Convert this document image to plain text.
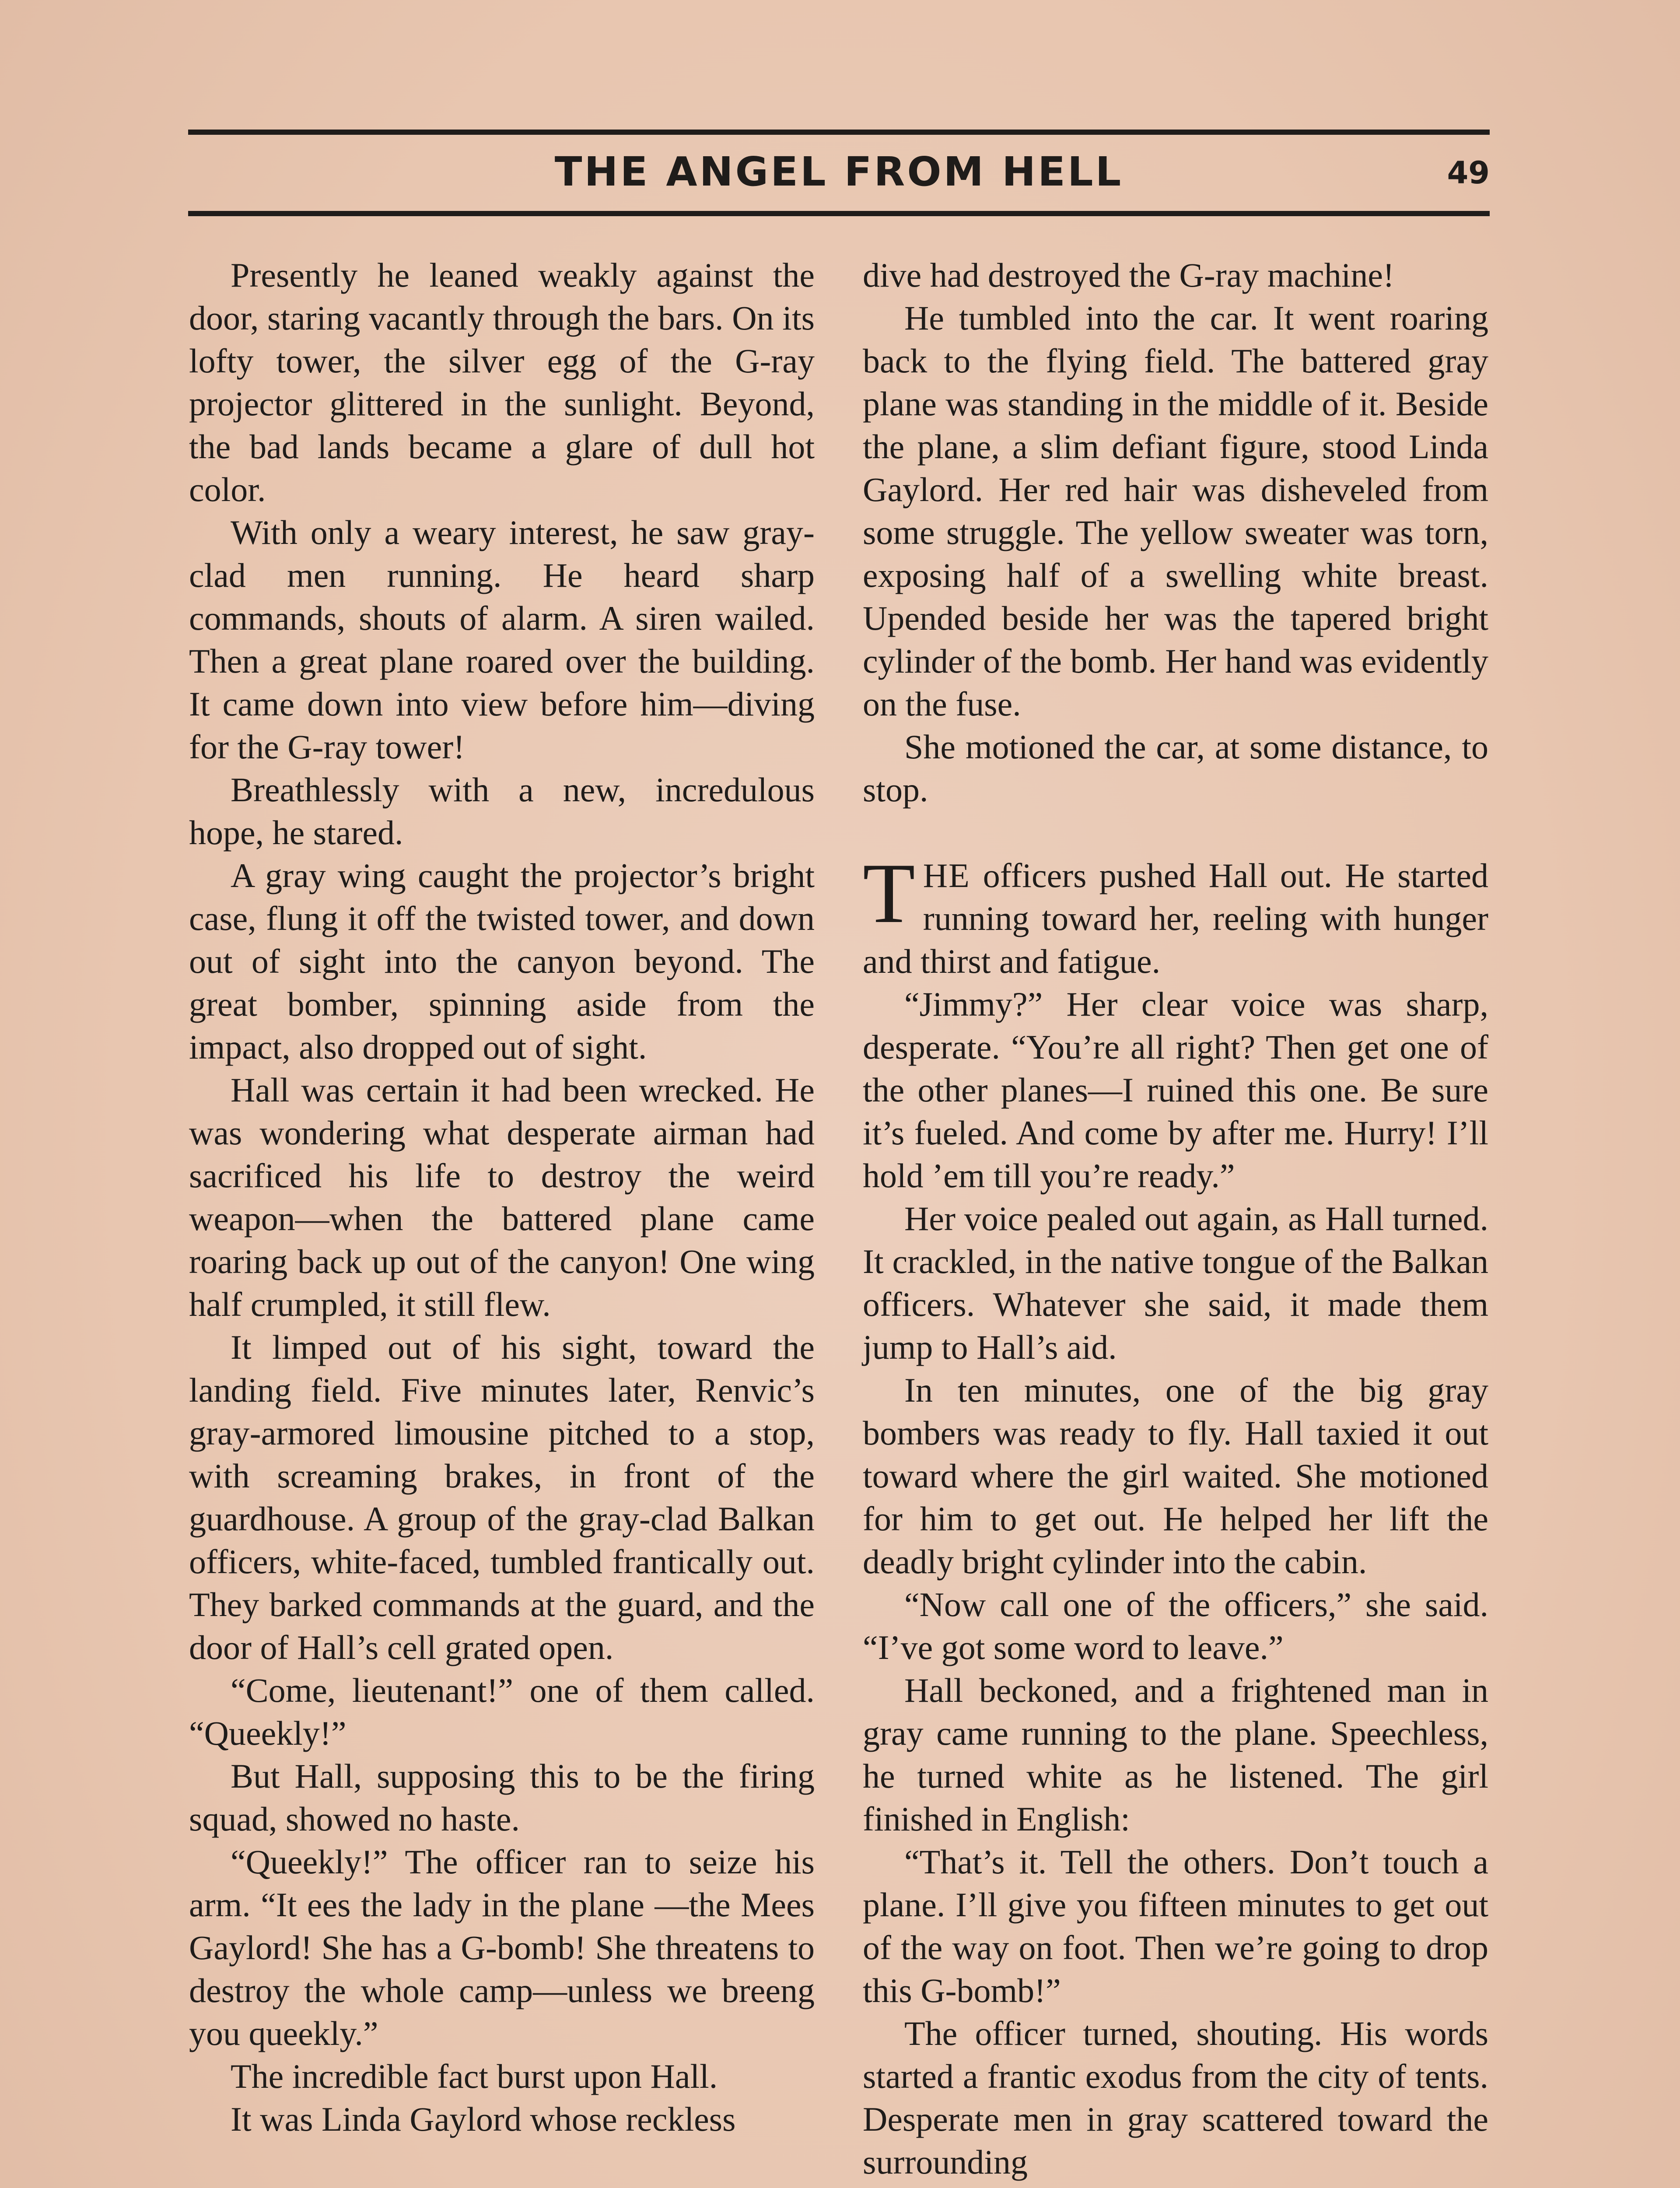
THE ANGEL FROM HELL	49

Presently he leaned weakly against the door, staring vacantly through the bars. On its lofty tower, the silver egg of the G-ray projector glittered in the sunlight. Beyond, the bad lands became a glare of dull hot color.

With only a weary interest, he saw gray-clad men running. He heard sharp commands, shouts of alarm. A siren wailed. Then a great plane roared over the building. It came down into view before him—diving for the G-ray tower!

Breathlessly with a new, incredulous hope, he stared.

A gray wing caught the projector’s bright case, flung it off the twisted tower, and down out of sight into the canyon beyond. The great bomber, spinning aside from the impact, also dropped out of sight.

Hall was certain it had been wrecked. He was wondering what desperate airman had sacrificed his life to destroy the weird weapon—when the battered plane came roaring back up out of the canyon! One wing half crumpled, it still flew.

It limped out of his sight, toward the landing field. Five minutes later, Renvic’s gray-armored limousine pitched to a stop, with screaming brakes, in front of the guardhouse. A group of the gray-clad Balkan officers, white-faced, tumbled frantically out. They barked commands at the guard, and the door of Hall’s cell grated open.

“Come, lieutenant!” one of them called. “Queekly!”

But Hall, supposing this to be the firing squad, showed no haste.

“Queekly!” The officer ran to seize his arm. “It ees the lady in the plane —the Mees Gaylord! She has a G-bomb! She threatens to destroy the whole camp—unless we breeng you queekly.”

The incredible fact burst upon Hall.

It was Linda Gaylord whose reckless

dive had destroyed the G-ray machine!

He tumbled into the car. It went roaring back to the flying field. The battered gray plane was standing in the middle of it. Beside the plane, a slim defiant figure, stood Linda Gaylord. Her red hair was disheveled from some struggle. The yellow sweater was torn, exposing half of a swelling white breast. Upended beside her was the tapered bright cylinder of the bomb. Her hand was evidently on the fuse.

She motioned the car, at some distance, to stop.

THE officers pushed Hall out. He started running toward her, reeling with hunger and thirst and fatigue.

“Jimmy?” Her clear voice was sharp, desperate. “You’re all right? Then get one of the other planes—I ruined this one. Be sure it’s fueled. And come by after me. Hurry! I’ll hold ’em till you’re ready.”

Her voice pealed out again, as Hall turned. It crackled, in the native tongue of the Balkan officers. Whatever she said, it made them jump to Hall’s aid.

In ten minutes, one of the big gray bombers was ready to fly. Hall taxied it out toward where the girl waited. She motioned for him to get out. He helped her lift the deadly bright cylinder into the cabin.

“Now call one of the officers,” she said. “I’ve got some word to leave.”

Hall beckoned, and a frightened man in gray came running to the plane. Speechless, he turned white as he listened. The girl finished in English:

“That’s it. Tell the others. Don’t touch a plane. I’ll give you fifteen minutes to get out of the way on foot. Then we’re going to drop this G-bomb!”

The officer turned, shouting. His words started a frantic exodus from the city of tents. Desperate men in gray scattered toward the surrounding
